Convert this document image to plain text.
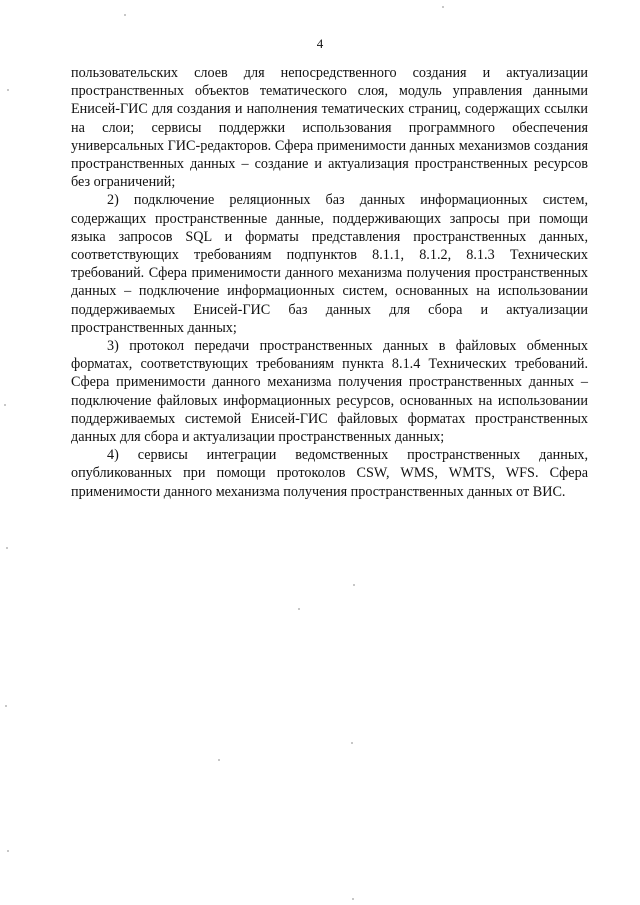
4

пользовательских слоев для непосредственного создания и актуализации пространственных объектов тематического слоя, модуль управления данными Енисей-ГИС для создания и наполнения тематических страниц, содержащих ссылки на слои; сервисы поддержки использования программного обеспечения универсальных ГИС-редакторов. Сфера применимости данных механизмов создания пространственных данных – создание и актуализация пространственных ресурсов без ограничений;

2) подключение реляционных баз данных информационных систем, содержащих пространственные данные, поддерживающих запросы при помощи языка запросов SQL и форматы представления пространственных данных, соответствующих требованиям подпунктов 8.1.1, 8.1.2, 8.1.3 Технических требований. Сфера применимости данного механизма получения пространственных данных – подключение информационных систем, основанных на использовании поддерживаемых Енисей-ГИС баз данных для сбора и актуализации пространственных данных;

3) протокол передачи пространственных данных в файловых обменных форматах, соответствующих требованиям пункта 8.1.4 Технических требований. Сфера применимости данного механизма получения пространственных данных – подключение файловых информационных ресурсов, основанных на использовании поддерживаемых системой Енисей-ГИС файловых форматах пространственных данных для сбора и актуализации пространственных данных;

4) сервисы интеграции ведомственных пространственных данных, опубликованных при помощи протоколов CSW, WMS, WMTS, WFS. Сфера применимости данного механизма получения пространственных данных от ВИС.
